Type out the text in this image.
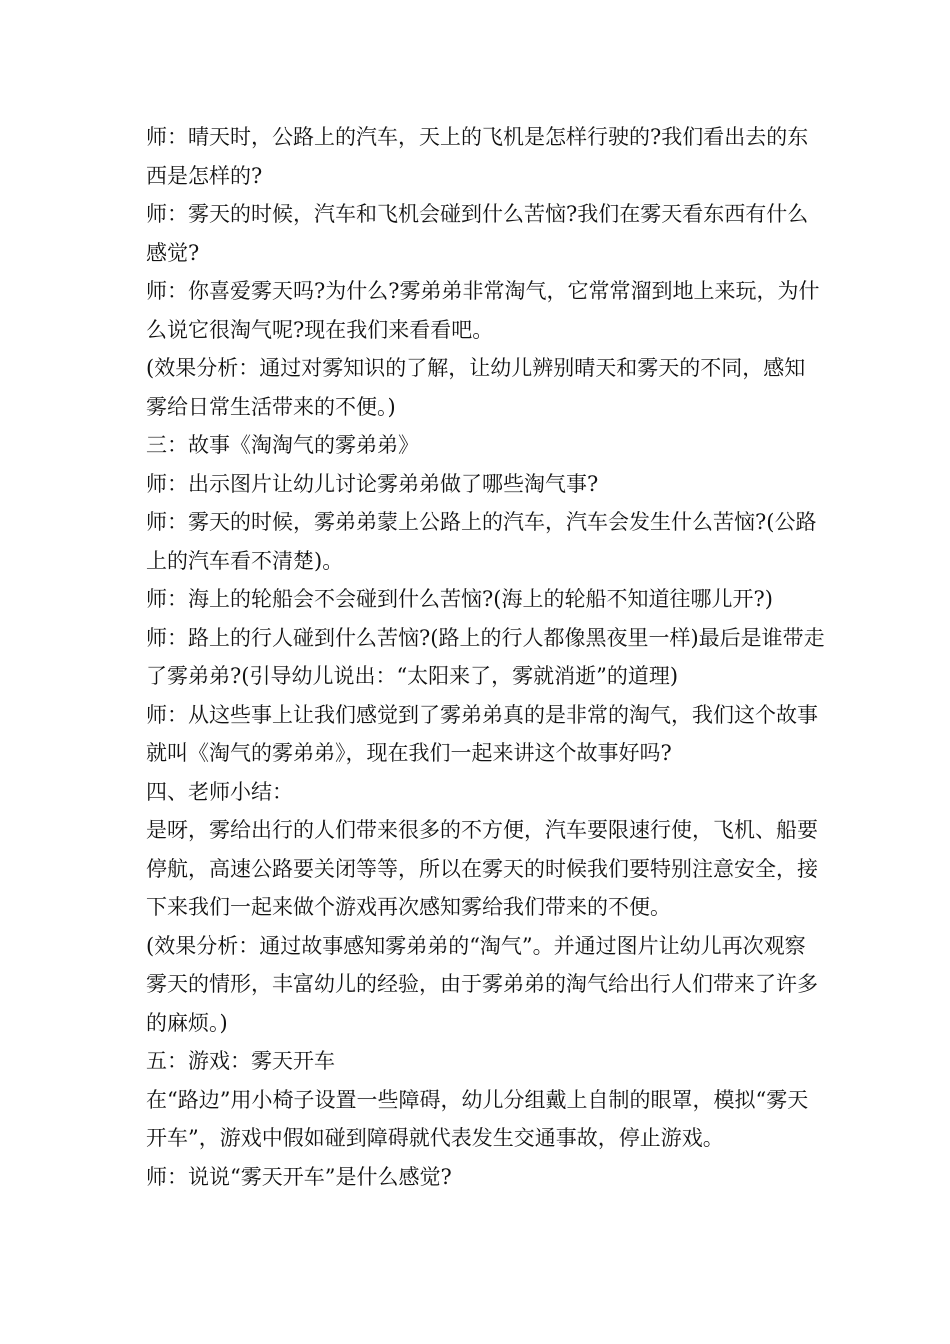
师：晴天时，公路上的汽车，天上的飞机是怎样行驶的?我们看出去的东西是怎样的?

师：雾天的时候，汽车和飞机会碰到什么苦恼?我们在雾天看东西有什么感觉?

师：你喜爱雾天吗?为什么?雾弟弟非常淘气，它常常溜到地上来玩，为什么说它很淘气呢?现在我们来看看吧。

(效果分析：通过对雾知识的了解，让幼儿辨别晴天和雾天的不同，感知雾给日常生活带来的不便。)

三：故事《淘淘气的雾弟弟》

师：出示图片让幼儿讨论雾弟弟做了哪些淘气事?

师：雾天的时候，雾弟弟蒙上公路上的汽车，汽车会发生什么苦恼?(公路上的汽车看不清楚)。

师：海上的轮船会不会碰到什么苦恼?(海上的轮船不知道往哪儿开?)

师：路上的行人碰到什么苦恼?(路上的行人都像黑夜里一样)最后是谁带走了雾弟弟?(引导幼儿说出：“太阳来了，雾就消逝”的道理)

师：从这些事上让我们感觉到了雾弟弟真的是非常的淘气，我们这个故事就叫《淘气的雾弟弟》，现在我们一起来讲这个故事好吗?

四、老师小结：

是呀，雾给出行的人们带来很多的不方便，汽车要限速行使，飞机、船要停航，高速公路要关闭等等，所以在雾天的时候我们要特别注意安全，接下来我们一起来做个游戏再次感知雾给我们带来的不便。

(效果分析：通过故事感知雾弟弟的“淘气”。并通过图片让幼儿再次观察雾天的情形，丰富幼儿的经验，由于雾弟弟的淘气给出行人们带来了许多的麻烦。)

五：游戏：雾天开车

在“路边”用小椅子设置一些障碍，幼儿分组戴上自制的眼罩，模拟“雾天开车”，游戏中假如碰到障碍就代表发生交通事故，停止游戏。

师：说说“雾天开车”是什么感觉?
